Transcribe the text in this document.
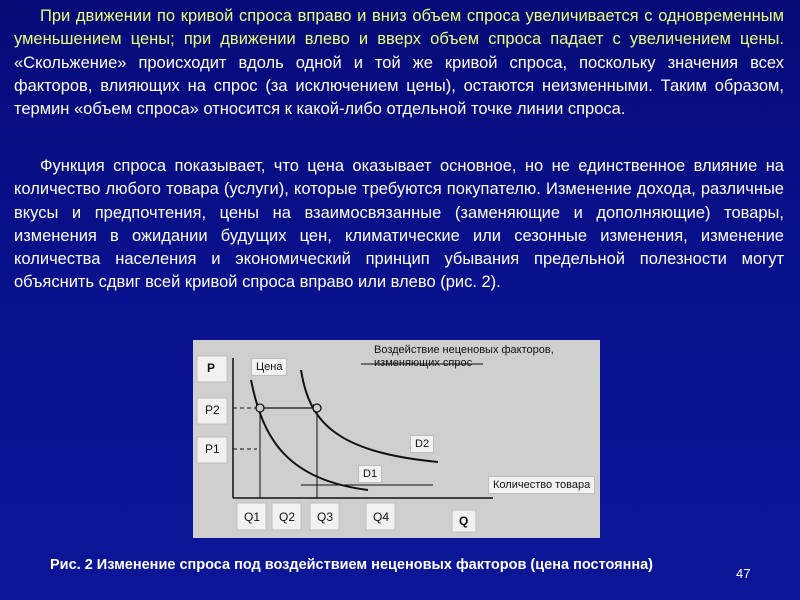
При движении по кривой спроса вправо и вниз объем спроса увеличивается с одновременным уменьшением цены; при движении влево и вверх объем спроса падает с увеличением цены. «Скольжение» происходит вдоль одной и той же кривой спроса, поскольку значения всех факторов, влияющих на спрос (за исключением цены), остаются неизменными. Таким образом, термин «объем спроса» относится к какой-либо отдельной точке линии спроса.

Функция спроса показывает, что цена оказывает основное, но не единственное влияние на количество любого товара (услуги), которые требуются покупателю. Изменение дохода, различные вкусы и предпочтения, цены на взаимосвязанные (заменяющие и дополняющие) товары, изменения в ожидании будущих цен, климатические или сезонные изменения, изменение количества населения и экономический принцип убывания предельной полезности могут объяснить сдвиг всей кривой спроса вправо или влево (рис. 2).

Цена
P
P2
P1
Воздействие неценовых факторов,
изменяющих спрос
D2
D1
Количество товара
Q1 Q2 Q3	Q4	Q
Рис. 2 Изменение спроса под воздействием неценовых факторов (цена постоянна)
47
